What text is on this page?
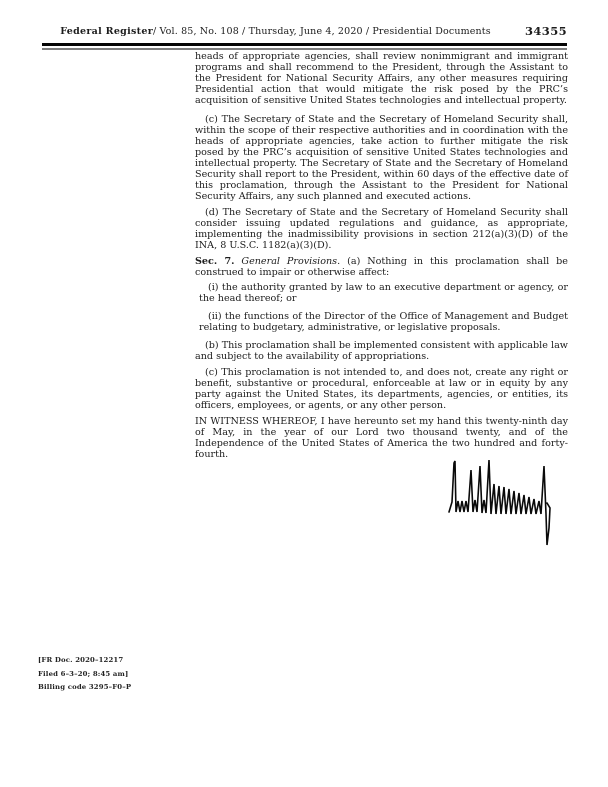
Federal Register/ Vol. 85, No. 108 / Thursday, June 4, 2020 / Presidential Documents	34355

heads of appropriate agencies, shall review nonimmigrant and immigrant programs and shall recommend to the President, through the Assistant to the President for National Security Affairs, any other measures requiring Presidential action that would mitigate the risk posed by the PRC’s acquisition of sensitive United States technologies and intellectual property.

(c) The Secretary of State and the Secretary of Homeland Security shall, within the scope of their respective authorities and in coordination with the heads of appropriate agencies, take action to further mitigate the risk posed by the PRC’s acquisition of sensitive United States technologies and intellectual property. The Secretary of State and the Secretary of Homeland Security shall report to the President, within 60 days of the effective date of this proclamation, through the Assistant to the President for National Security Affairs, any such planned and executed actions.

(d) The Secretary of State and the Secretary of Homeland Security shall consider issuing updated regulations and guidance, as appropriate, implementing the inadmissibility provisions in section 212(a)(3)(D) of the INA, 8 U.S.C. 1182(a)(3)(D).

Sec. 7. General Provisions. (a) Nothing in this proclamation shall be construed to impair or otherwise affect:

(i) the authority granted by law to an executive department or agency, or the head thereof; or

(ii) the functions of the Director of the Office of Management and Budget relating to budgetary, administrative, or legislative proposals.

(b) This proclamation shall be implemented consistent with applicable law and subject to the availability of appropriations.

(c) This proclamation is not intended to, and does not, create any right or benefit, substantive or procedural, enforceable at law or in equity by any party against the United States, its departments, agencies, or entities, its officers, employees, or agents, or any other person.

IN WITNESS WHEREOF, I have hereunto set my hand this twenty-ninth day of May, in the year of our Lord two thousand twenty, and of the Independence of the United States of America the two hundred and forty-fourth.

[FR Doc. 2020–12217
Filed 6–3–20; 8:45 am]
Billing code 3295–F0–P
